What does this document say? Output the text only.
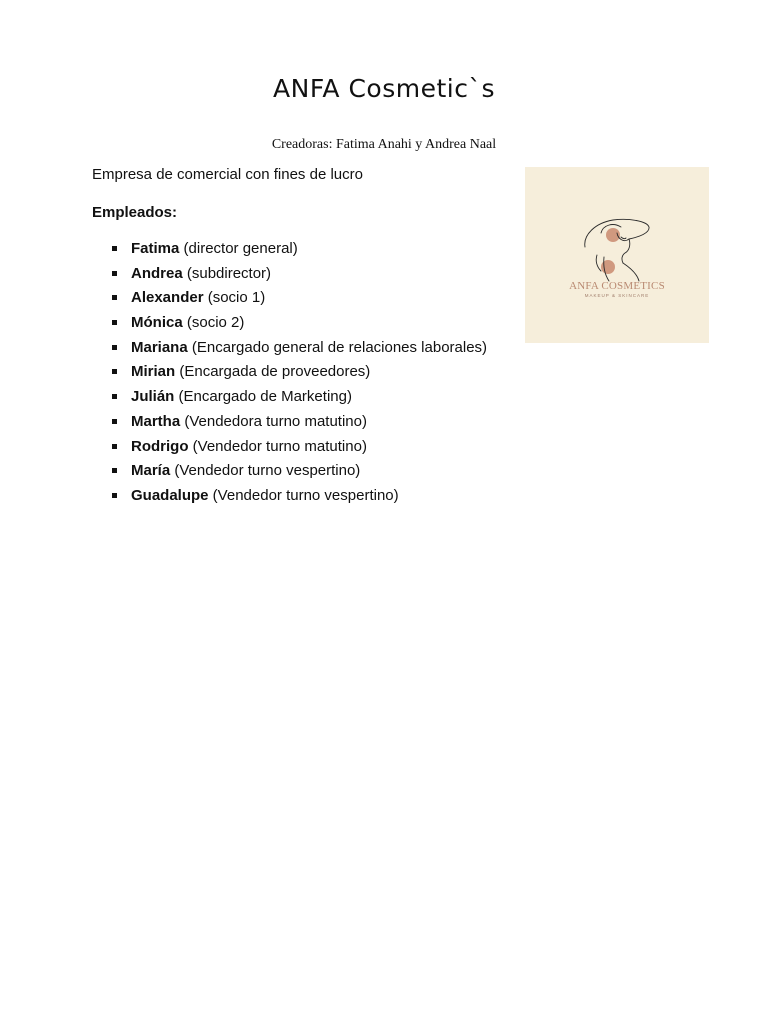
ANFA Cosmetic`s
Creadoras: Fatima Anahi y Andrea Naal
Empresa de comercial con fines de lucro
Empleados:
Fatima (director general)
Andrea (subdirector)
Alexander (socio 1)
Mónica (socio 2)
Mariana (Encargado general de relaciones laborales)
Mirian (Encargada de proveedores)
Julián (Encargado de Marketing)
Martha (Vendedora turno matutino)
Rodrigo (Vendedor turno matutino)
María (Vendedor turno vespertino)
Guadalupe (Vendedor turno vespertino)
ANFA COSMETICS
MAKEUP & SKINCARE
